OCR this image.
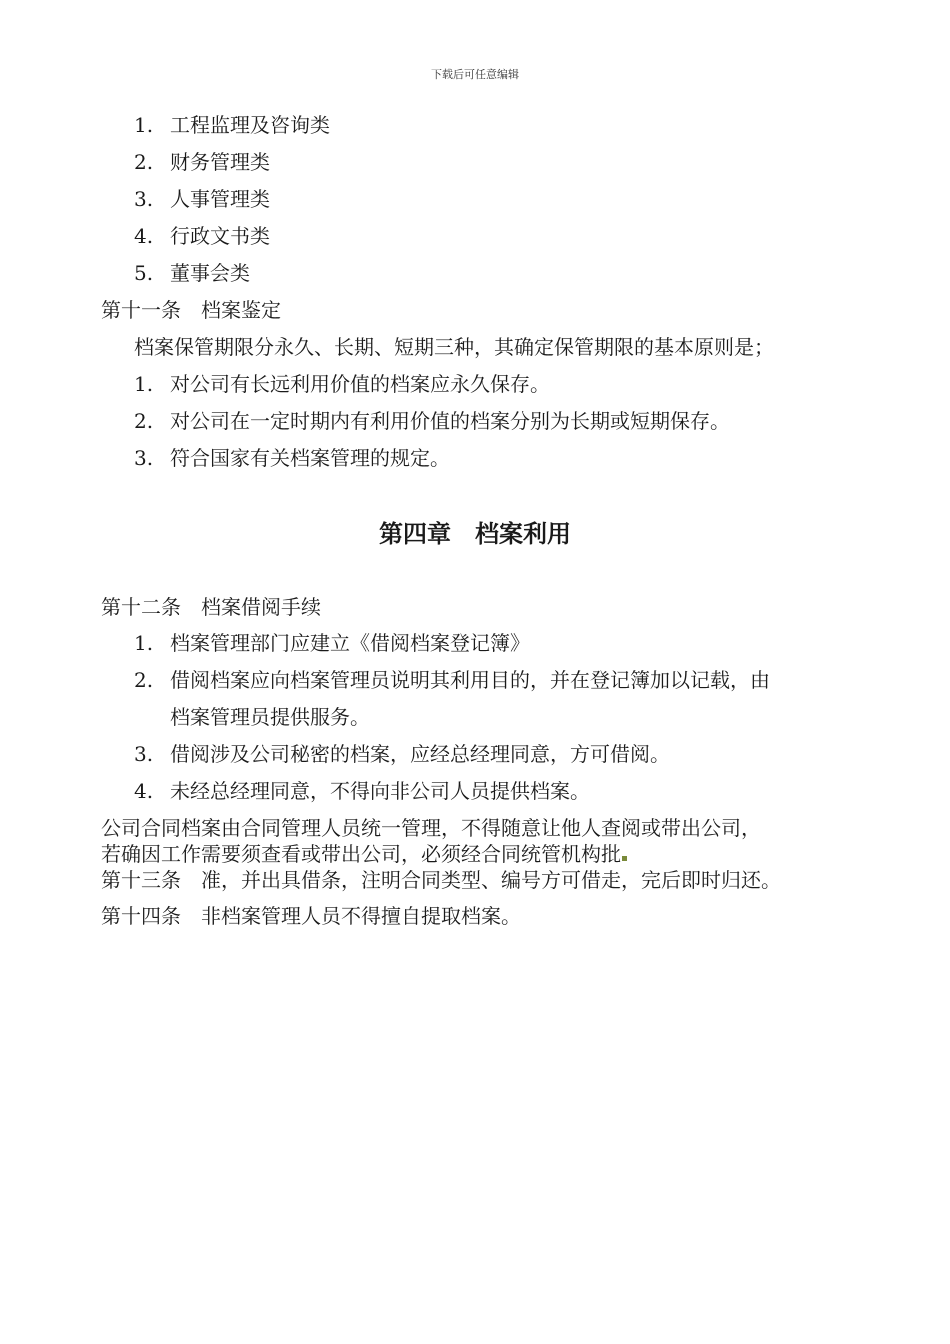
下载后可任意编辑
1. 工程监理及咨询类
2. 财务管理类
3. 人事管理类
4. 行政文书类
5. 董事会类
第十一条 档案鉴定
档案保管期限分永久、长期、短期三种，其确定保管期限的基本原则是；
1. 对公司有长远利用价值的档案应永久保存。
2. 对公司在一定时期内有利用价值的档案分别为长期或短期保存。
3. 符合国家有关档案管理的规定。
第四章　档案利用
第十二条 档案借阅手续
1. 档案管理部门应建立《借阅档案登记簿》
2. 借阅档案应向档案管理员说明其利用目的，并在登记簿加以记载，由
档案管理员提供服务。
3. 借阅涉及公司秘密的档案，应经总经理同意，方可借阅。
4. 未经总经理同意，不得向非公司人员提供档案。
公司合同档案由合同管理人员统一管理，不得随意让他人查阅或带出公司，
若确因工作需要须查看或带出公司，必须经合同统管机构批
第十三条 准，并出具借条，注明合同类型、编号方可借走，完后即时归还。
第十四条 非档案管理人员不得擅自提取档案。
